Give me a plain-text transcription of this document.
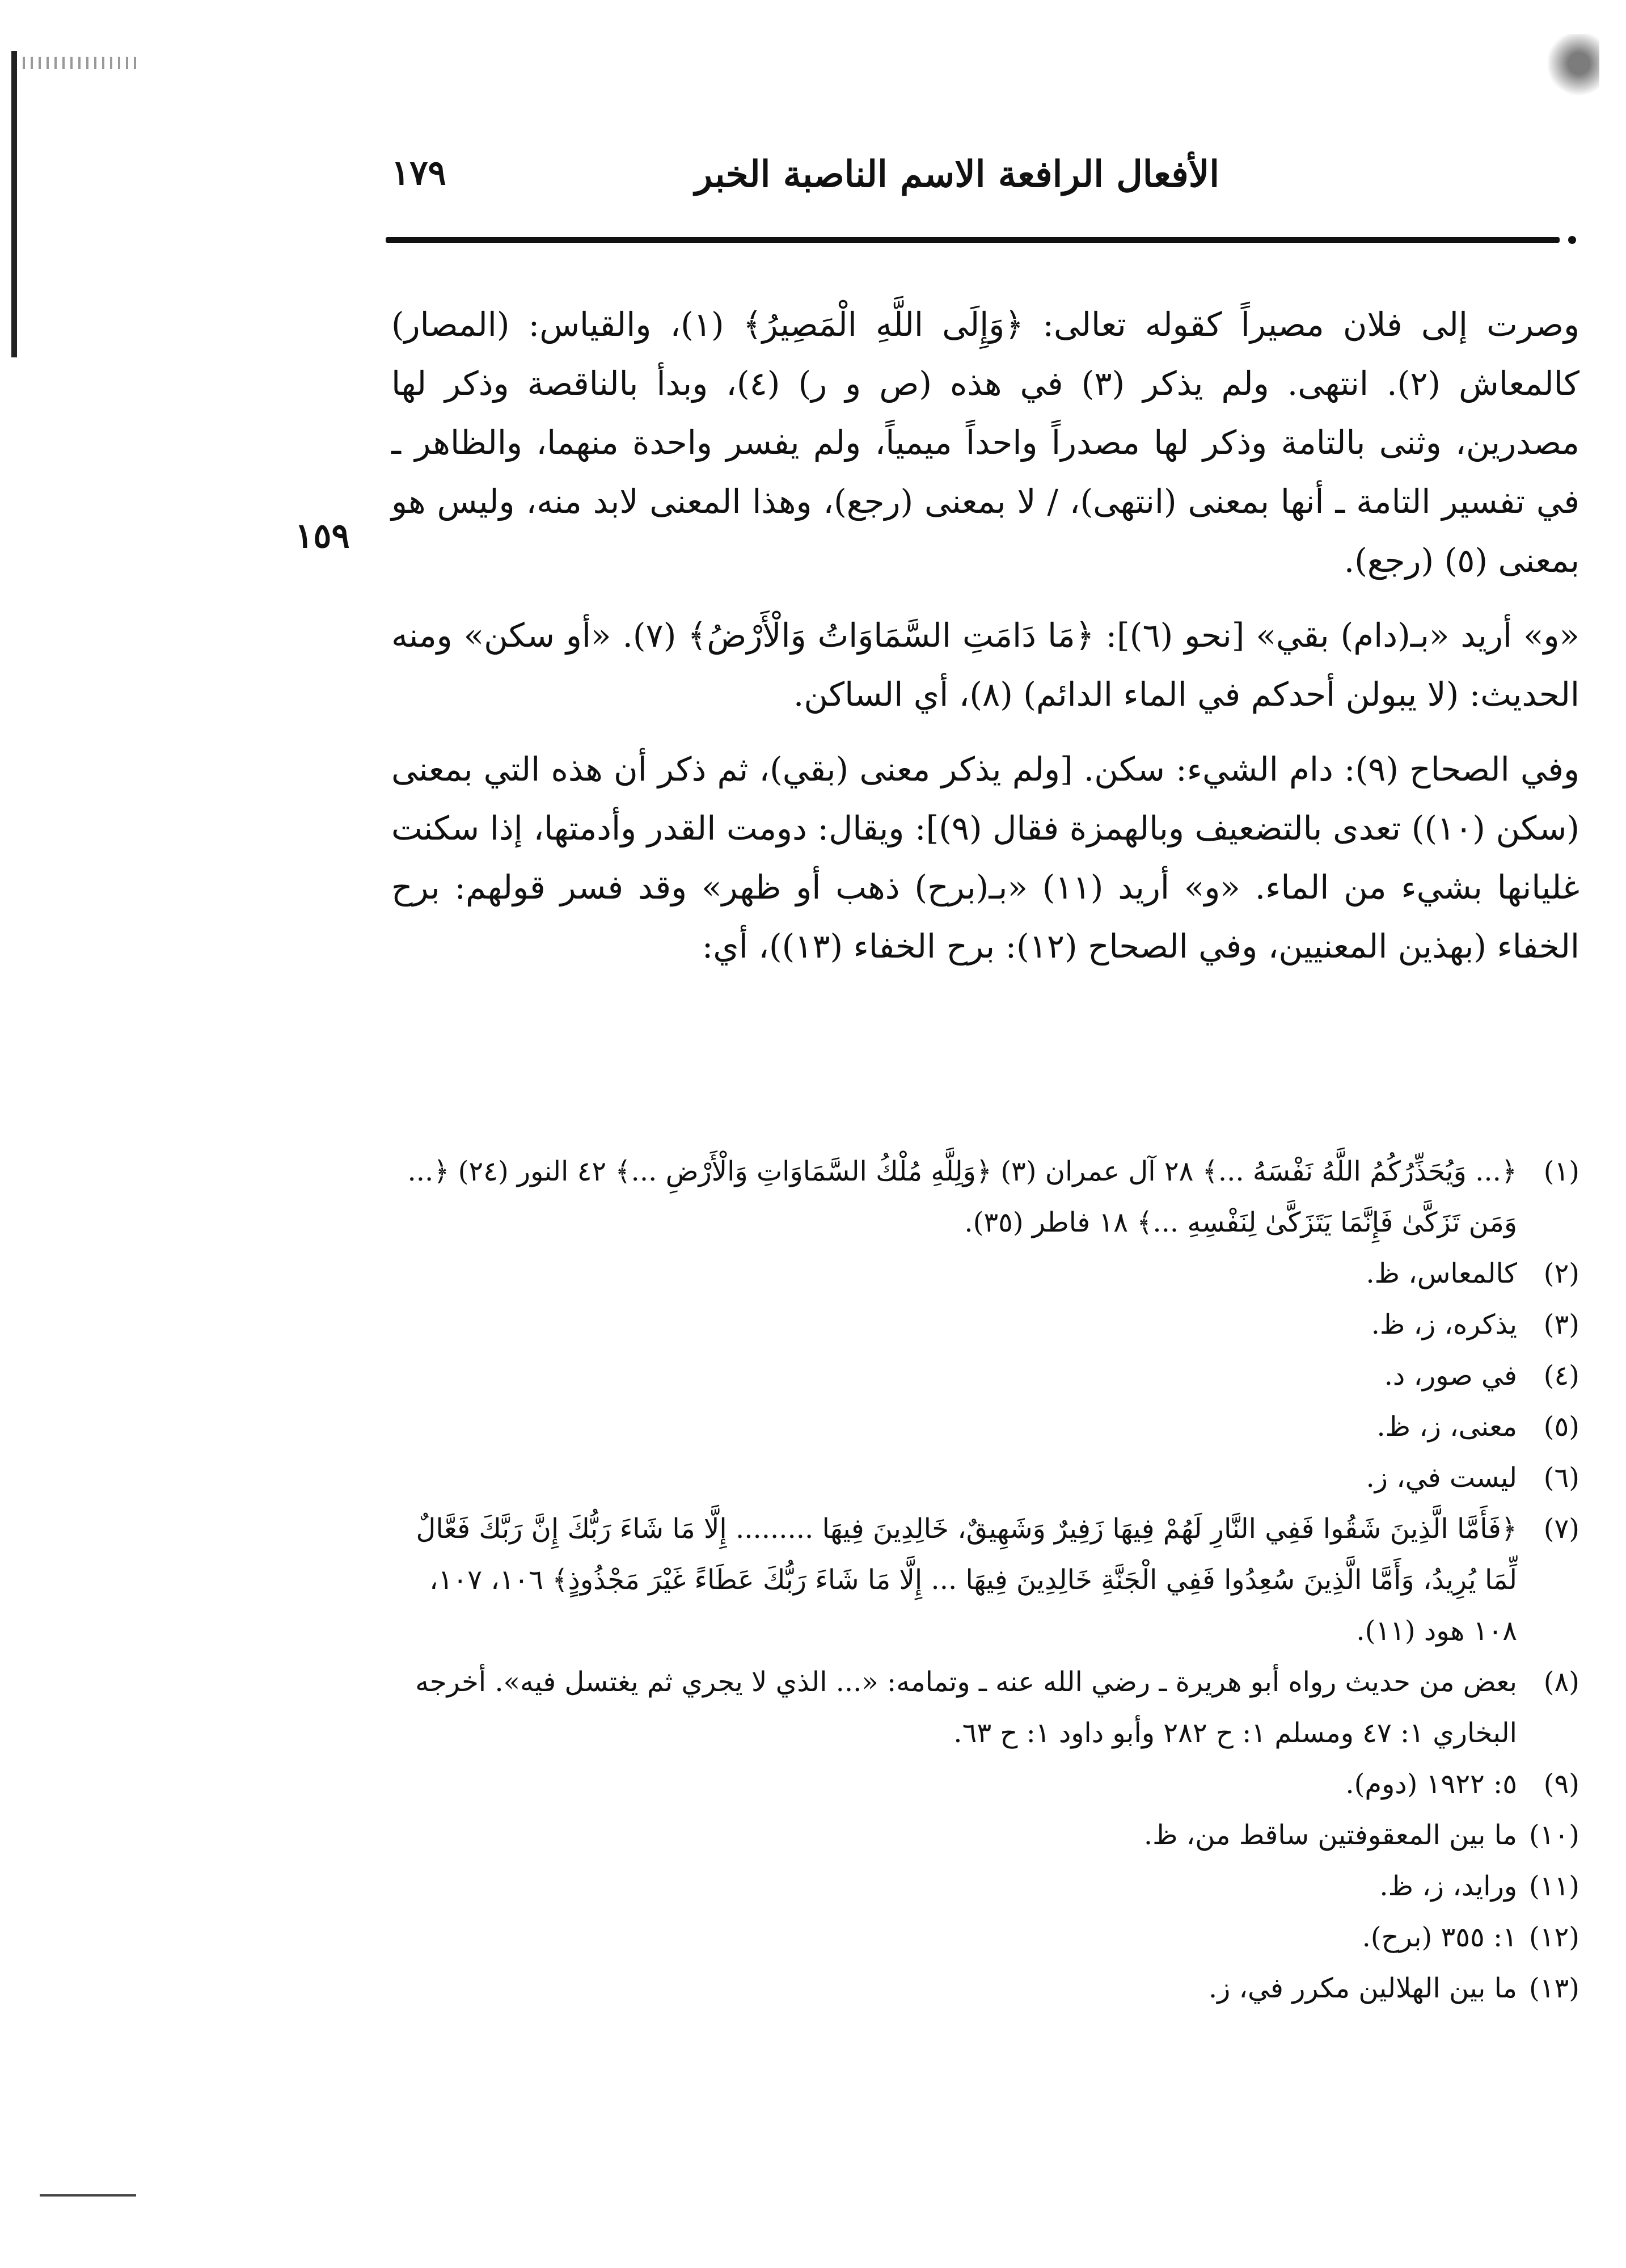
١٧٩	الأفعال الرافعة الاسم الناصبة الخبر
١٥٩

وصرت إلى فلان مصيراً كقوله تعالى: ﴿وَإِلَى اللَّهِ الْمَصِيرُ﴾ (١)، والقياس: (المصار) كالمعاش (٢). انتهى. ولم يذكر (٣) في هذه (ص و ر) (٤)، وبدأ بالناقصة وذكر لها مصدرين، وثنى بالتامة وذكر لها مصدراً واحداً ميمياً، ولم يفسر واحدة منهما، والظاهر ـ في تفسير التامة ـ أنها بمعنى (انتهى)، / لا بمعنى (رجع)، وهذا المعنى لابد منه، وليس هو بمعنى (٥) (رجع).

«و» أريد «بـ(دام) بقي» [نحو (٦)]: ﴿مَا دَامَتِ السَّمَاوَاتُ وَالْأَرْضُ﴾ (٧). «أو سكن» ومنه الحديث: (لا يبولن أحدكم في الماء الدائم) (٨)، أي الساكن.

وفي الصحاح (٩): دام الشيء: سكن. [ولم يذكر معنى (بقي)، ثم ذكر أن هذه التي بمعنى (سكن (١٠)) تعدى بالتضعيف وبالهمزة فقال (٩)]: ويقال: دومت القدر وأدمتها، إذا سكنت غليانها بشيء من الماء. «و» أريد (١١) «بـ(برح) ذهب أو ظهر» وقد فسر قولهم: برح الخفاء (بهذين المعنيين، وفي الصحاح (١٢): برح الخفاء (١٣))، أي:

(١)
﴿... وَيُحَذِّرُكُمُ اللَّهُ نَفْسَهُ ...﴾ ٢٨ آل عمران (٣) ﴿وَلِلَّهِ مُلْكُ السَّمَاوَاتِ وَالْأَرْضِ ...﴾ ٤٢ النور (٢٤) ﴿... وَمَن تَزَكَّىٰ فَإِنَّمَا يَتَزَكَّىٰ لِنَفْسِهِ ...﴾ ١٨ فاطر (٣٥).
(٢)
كالمعاس، ظ.
(٣)
يذكره، ز، ظ.
(٤)
في صور، د.
(٥)
معنى، ز، ظ.
(٦)
ليست في، ز.
(٧)
﴿فَأَمَّا الَّذِينَ شَقُوا فَفِي النَّارِ لَهُمْ فِيهَا زَفِيرٌ وَشَهِيقٌ، خَالِدِينَ فِيهَا ......... إِلَّا مَا شَاءَ رَبُّكَ إِنَّ رَبَّكَ فَعَّالٌ لِّمَا يُرِيدُ، وَأَمَّا الَّذِينَ سُعِدُوا فَفِي الْجَنَّةِ خَالِدِينَ فِيهَا ... إِلَّا مَا شَاءَ رَبُّكَ عَطَاءً غَيْرَ مَجْذُوذٍ﴾ ١٠٦، ١٠٧، ١٠٨ هود (١١).
(٨)
بعض من حديث رواه أبو هريرة ـ رضي الله عنه ـ وتمامه: «... الذي لا يجري ثم يغتسل فيه». أخرجه البخاري ١: ٤٧ ومسلم ١: ح ٢٨٢ وأبو داود ١: ح ٦٣.
(٩)
٥: ١٩٢٢ (دوم).
(١٠)
ما بين المعقوفتين ساقط من، ظ.
(١١)
ورايد، ز، ظ.
(١٢)
١: ٣٥٥ (برح).
(١٣)
ما بين الهلالين مكرر في، ز.
